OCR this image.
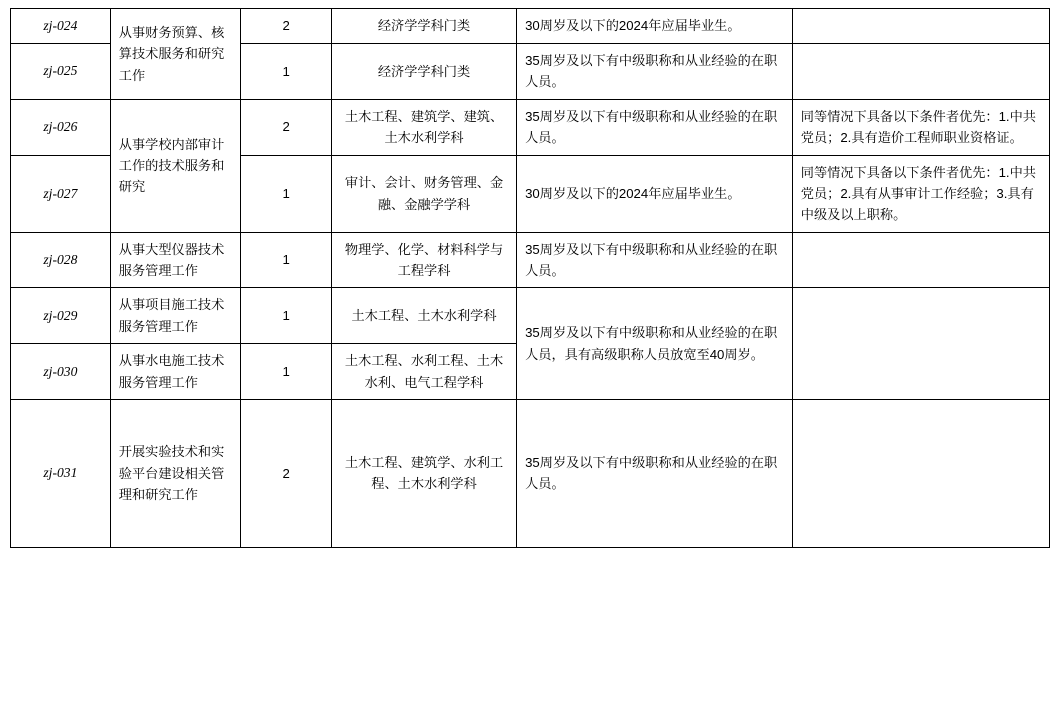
zj-024	从事财务预算、核算技术服务和研究工作	2	经济学学科门类	30周岁及以下的2024年应届毕业生。	
zj-025		1	经济学学科门类	35周岁及以下有中级职称和从业经验的在职人员。	
zj-026	从事学校内部审计工作的技术服务和研究	2	土木工程、建筑学、建筑、土木水利学科	35周岁及以下有中级职称和从业经验的在职人员。	同等情况下具备以下条件者优先：1.中共党员；2.具有造价工程师职业资格证。
zj-027		1	审计、会计、财务管理、金融、金融学学科	30周岁及以下的2024年应届毕业生。	同等情况下具备以下条件者优先：1.中共党员；2.具有从事审计工作经验；3.具有中级及以上职称。
zj-028	从事大型仪器技术服务管理工作	1	物理学、化学、材料科学与工程学科	35周岁及以下有中级职称和从业经验的在职人员。	
zj-029	从事项目施工技术服务管理工作	1	土木工程、土木水利学科	35周岁及以下有中级职称和从业经验的在职人员，具有高级职称人员放宽至40周岁。	
zj-030	从事水电施工技术服务管理工作	1	土木工程、水利工程、土木水利、电气工程学科		
zj-031	开展实验技术和实验平台建设相关管理和研究工作	2	土木工程、建筑学、水利工程、土木水利学科	35周岁及以下有中级职称和从业经验的在职人员。	
